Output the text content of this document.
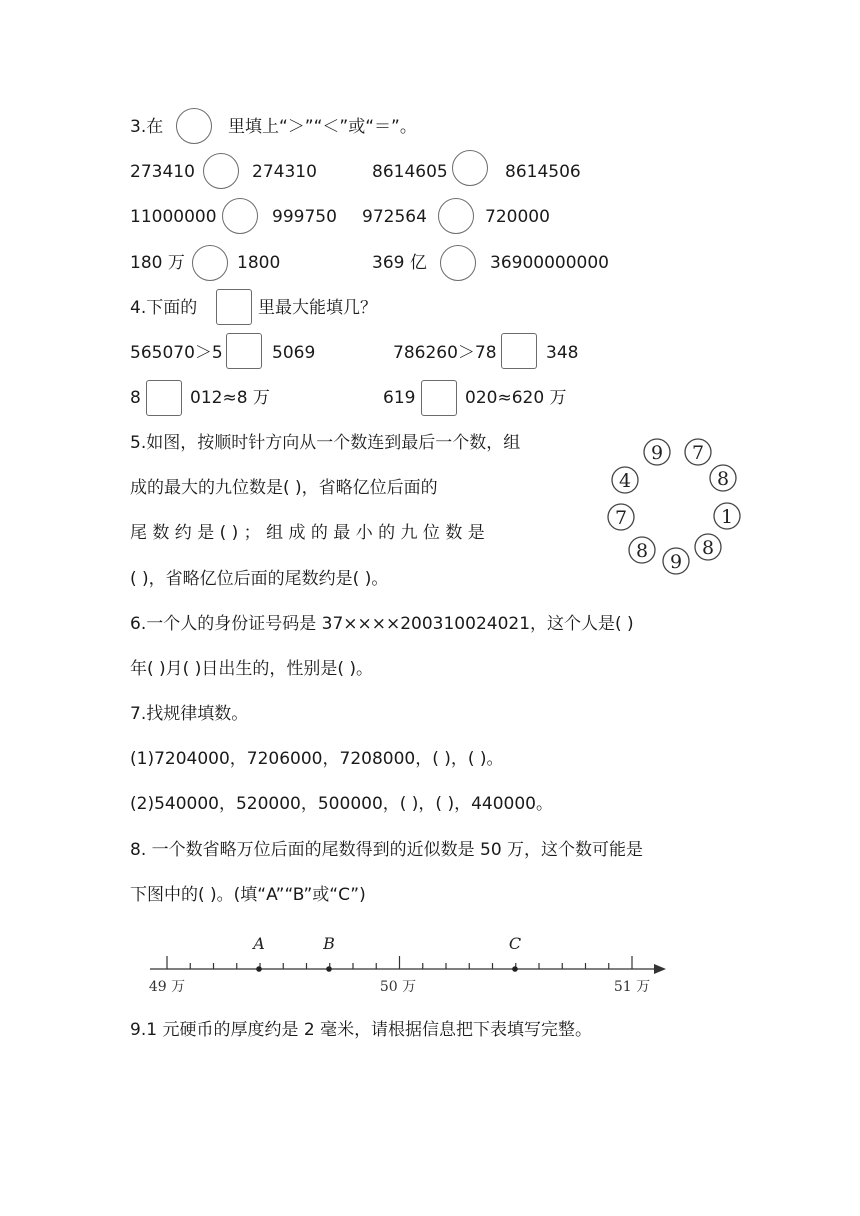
3.在	里填上“＞”“＜”或“＝”。
273410	274310	8614605	8614506
11000000	999750 972564	720000
180 万	1800	369 亿	36900000000
4.下面的	里最大能填几？
565070＞5	5069	786260＞78	348
8	012≈8 万	619	020≈620 万
5.如图，按顺时针方向从一个数连到最后一个数，组
成的最大的九位数是( )，省略亿位后面的
尾 数 约 是 ( ) ； 组 成 的 最 小 的 九 位 数 是
( )，省略亿位后面的尾数约是( )。
9 7
8
1
8
9
8
7
4
6.一个人的身份证号码是 37××××200310024021，这个人是( )
年( )月( )日出生的，性别是( )。
7.找规律填数。
(1)7204000，7206000，7208000，( )，( )。
(2)540000，520000，500000，( )，( )，440000。
8. 一个数省略万位后面的尾数得到的近似数是 50 万，这个数可能是
下图中的( )。(填“A”“B”或“C”)
A	B	C
49 万	50 万	51 万
9.1 元硬币的厚度约是 2 毫米，请根据信息把下表填写完整。
